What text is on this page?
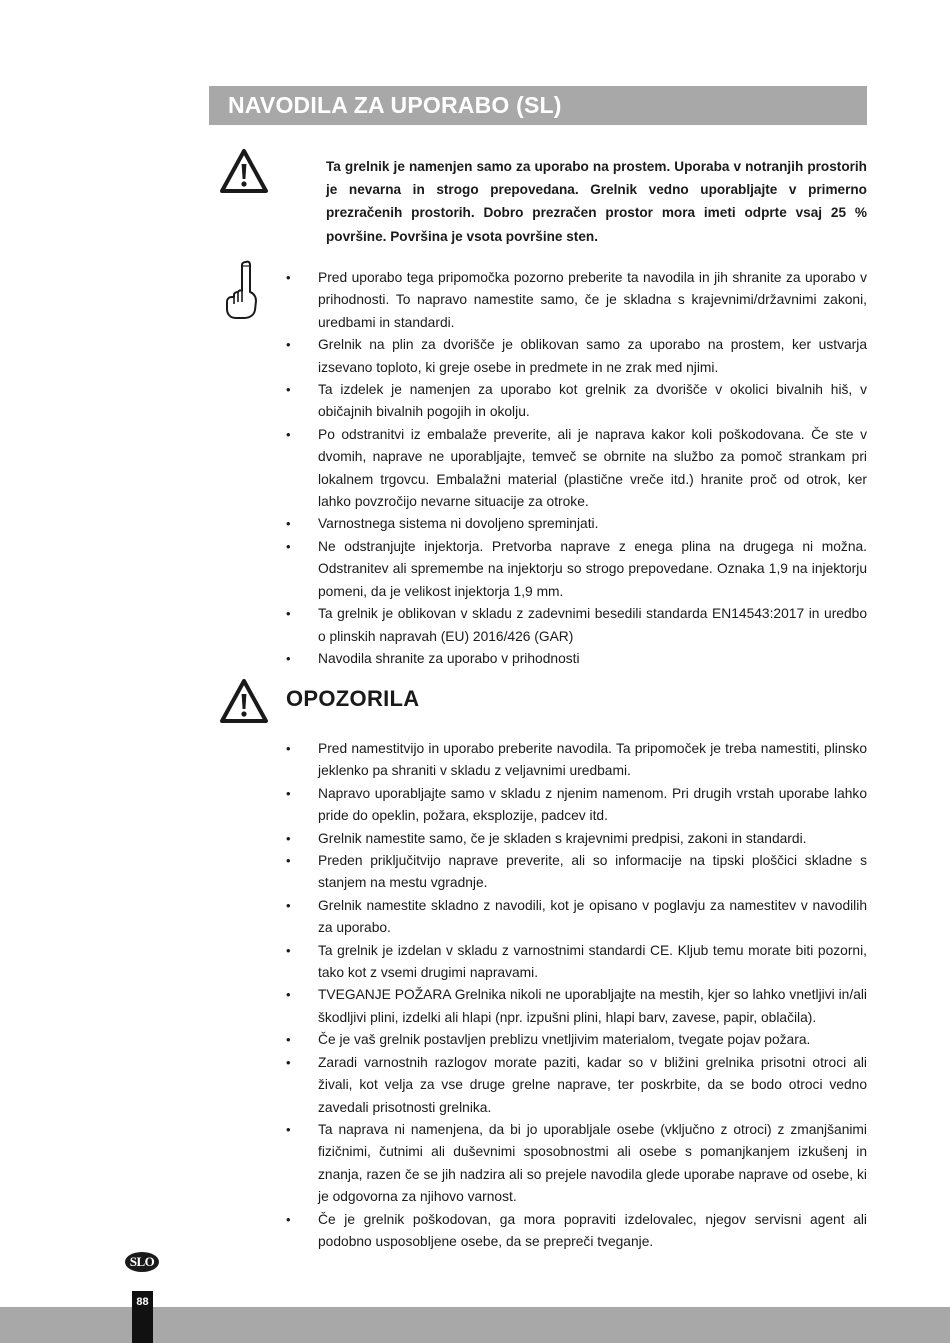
NAVODILA ZA UPORABO (SL)

Ta grelnik je namenjen samo za uporabo na prostem. Uporaba v notranjih prostorih je nevarna in strogo prepovedana. Grelnik vedno uporabljajte v primerno prezračenih prostorih. Dobro prezračen prostor mora imeti odprte vsaj 25 % površine. Površina je vsota površine sten.

• Pred uporabo tega pripomočka pozorno preberite ta navodila in jih shranite za uporabo v prihodnosti. To napravo namestite samo, če je skladna s krajevnimi/državnimi zakoni, uredbami in standardi.
• Grelnik na plin za dvorišče je oblikovan samo za uporabo na prostem, ker ustvarja izsevano toploto, ki greje osebe in predmete in ne zrak med njimi.
• Ta izdelek je namenjen za uporabo kot grelnik za dvorišče v okolici bivalnih hiš, v običajnih bivalnih pogojih in okolju.
• Po odstranitvi iz embalaže preverite, ali je naprava kakor koli poškodovana. Če ste v dvomih, naprave ne uporabljajte, temveč se obrnite na službo za pomoč strankam pri lokalnem trgovcu. Embalažni material (plastične vreče itd.) hranite proč od otrok, ker lahko povzročijo nevarne situacije za otroke.
• Varnostnega sistema ni dovoljeno spreminjati.
• Ne odstranjujte injektorja. Pretvorba naprave z enega plina na drugega ni možna. Odstranitev ali spremembe na injektorju so strogo prepovedane. Oznaka 1,9 na injektorju pomeni, da je velikost injektorja 1,9 mm.
• Ta grelnik je oblikovan v skladu z zadevnimi besedili standarda EN14543:2017 in uredbo o plinskih napravah (EU) 2016/426 (GAR)
• Navodila shranite za uporabo v prihodnosti
OPOZORILA
• Pred namestitvijo in uporabo preberite navodila. Ta pripomoček je treba namestiti, plinsko jeklenko pa shraniti v skladu z veljavnimi uredbami.
• Napravo uporabljajte samo v skladu z njenim namenom. Pri drugih vrstah uporabe lahko pride do opeklin, požara, eksplozije, padcev itd.
• Grelnik namestite samo, če je skladen s krajevnimi predpisi, zakoni in standardi.
• Preden priključitvijo naprave preverite, ali so informacije na tipski ploščici skladne s stanjem na mestu vgradnje.
• Grelnik namestite skladno z navodili, kot je opisano v poglavju za namestitev v navodilih za uporabo.
• Ta grelnik je izdelan v skladu z varnostnimi standardi CE. Kljub temu morate biti pozorni, tako kot z vsemi drugimi napravami.
• TVEGANJE POŽARA Grelnika nikoli ne uporabljajte na mestih, kjer so lahko vnetljivi in/ali škodljivi plini, izdelki ali hlapi (npr. izpušni plini, hlapi barv, zavese, papir, oblačila).
• Če je vaš grelnik postavljen preblizu vnetljivim materialom, tvegate pojav požara.
• Zaradi varnostnih razlogov morate paziti, kadar so v bližini grelnika prisotni otroci ali živali, kot velja za vse druge grelne naprave, ter poskrbite, da se bodo otroci vedno zavedali prisotnosti grelnika.
• Ta naprava ni namenjena, da bi jo uporabljale osebe (vključno z otroci) z zmanjšanimi fizičnimi, čutnimi ali duševnimi sposobnostmi ali osebe s pomanjkanjem izkušenj in znanja, razen če se jih nadzira ali so prejele navodila glede uporabe naprave od osebe, ki je odgovorna za njihovo varnost.
• Če je grelnik poškodovan, ga mora popraviti izdelovalec, njegov servisni agent ali podobno usposobljene osebe, da se prepreči tveganje.
SLO
88
